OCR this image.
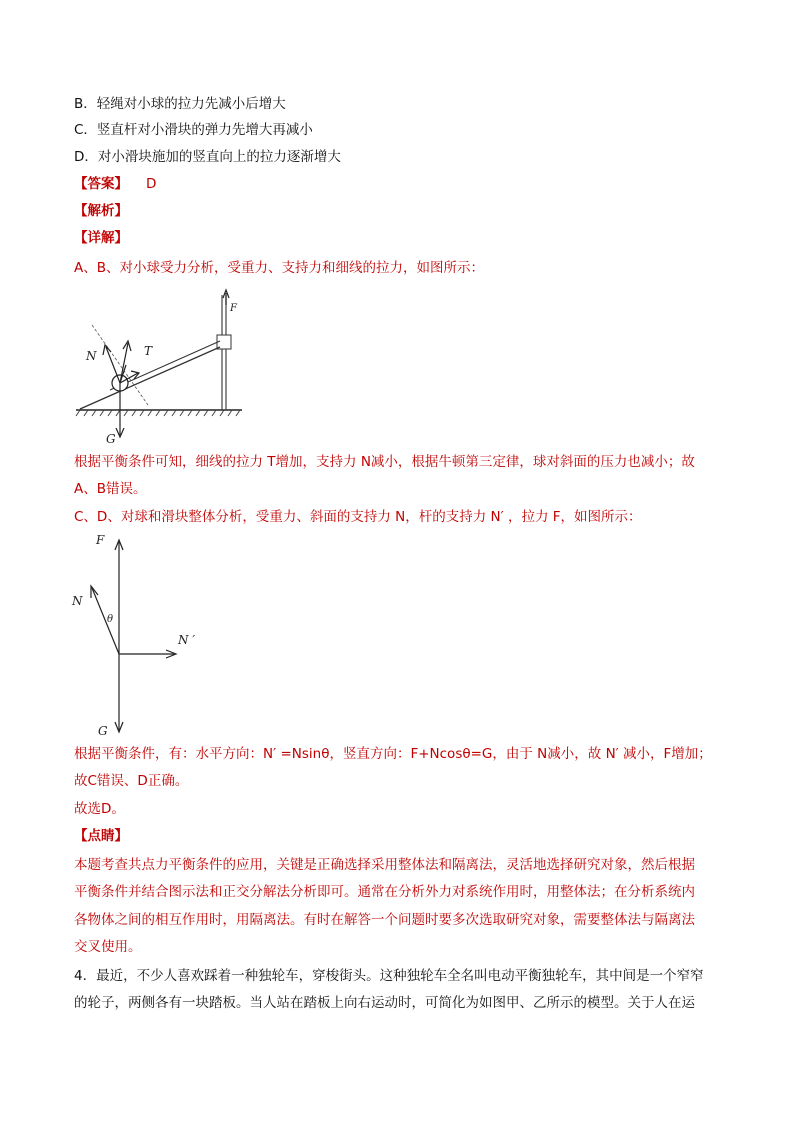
B．轻绳对小球的拉力先减小后增大
C．竖直杆对小滑块的弹力先增大再减小
D．对小滑块施加的竖直向上的拉力逐渐增大
【答案】 D
【解析】
【详解】
A、B、对小球受力分析，受重力、支持力和细线的拉力，如图所示：
N	T
G
F
根据平衡条件可知，细线的拉力 T增加，支持力 N减小，根据牛顿第三定律，球对斜面的压力也减小；故
A、B错误。
C、D、对球和滑块整体分析，受重力、斜面的支持力 N，杆的支持力 N′ ，拉力 F，如图所示：
F
N
θ
N ′
G
根据平衡条件，有：水平方向：N′ =Nsinθ，竖直方向：F+Ncosθ=G，由于 N减小，故 N′ 减小，F增加；
故C错误、D正确。
故选D。
【点睛】
本题考查共点力平衡条件的应用，关键是正确选择采用整体法和隔离法，灵活地选择研究对象，然后根据
平衡条件并结合图示法和正交分解法分析即可。通常在分析外力对系统作用时，用整体法；在分析系统内
各物体之间的相互作用时，用隔离法。有时在解答一个问题时要多次选取研究对象，需要整体法与隔离法
交叉使用。
4．最近，不少人喜欢踩着一种独轮车，穿梭街头。这种独轮车全名叫电动平衡独轮车，其中间是一个窄窄
的轮子，两侧各有一块踏板。当人站在踏板上向右运动时，可简化为如图甲、乙所示的模型。关于人在运
